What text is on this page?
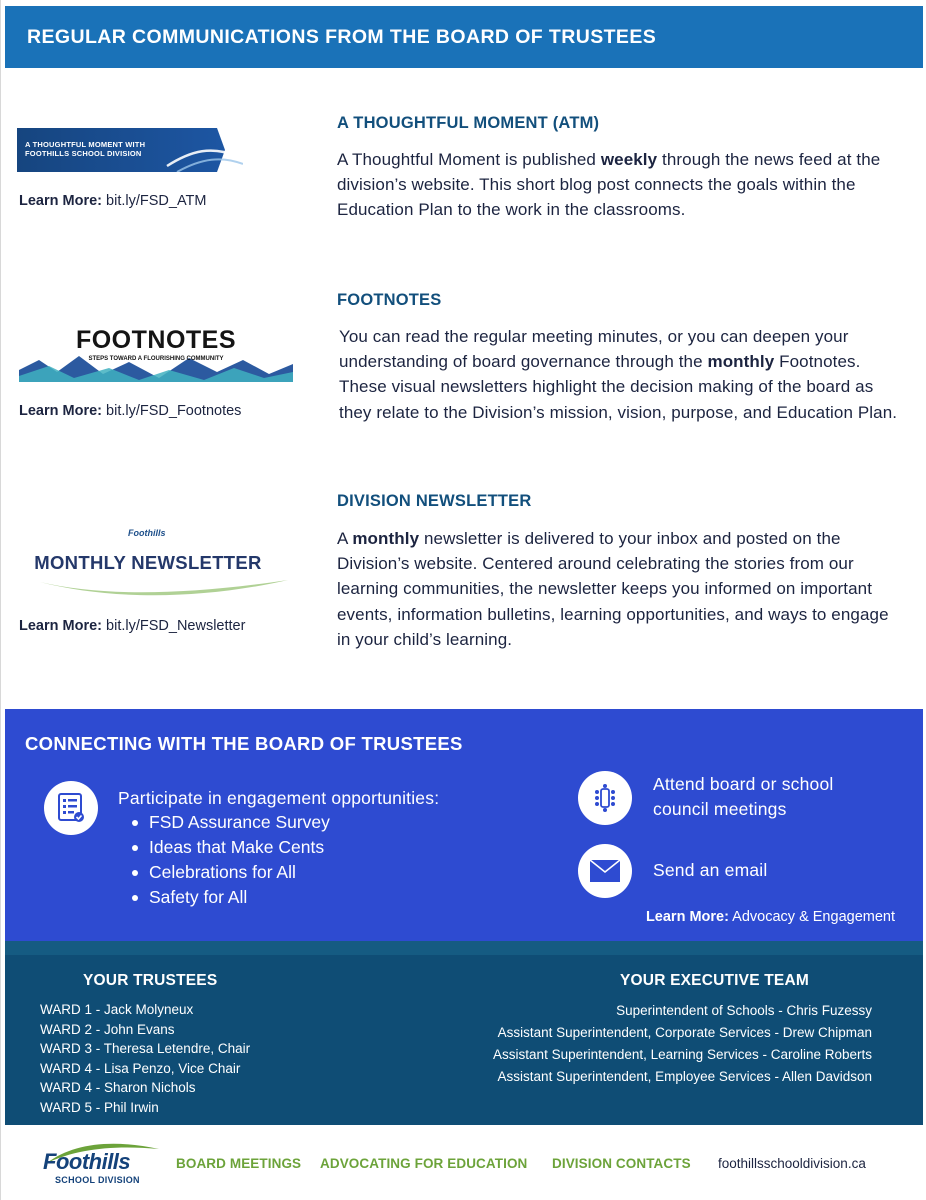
REGULAR COMMUNICATIONS FROM THE BOARD OF TRUSTEES
A THOUGHTFUL MOMENT WITH
FOOTHILLS SCHOOL DIVISION
Learn More: bit.ly/FSD_ATM
A THOUGHTFUL MOMENT (ATM)
A Thoughtful Moment is published weekly through the news feed at the division’s website. This short blog post connects the goals within the Education Plan to the work in the classrooms.
FOOTNOTES
STEPS TOWARD A FLOURISHING COMMUNITY
Learn More: bit.ly/FSD_Footnotes
FOOTNOTES
You can read the regular meeting minutes, or you can deepen your understanding of board governance through the monthly Footnotes. These visual newsletters highlight the decision making of the board as they relate to the Division’s mission, vision, purpose, and Education Plan.
Foothills
MONTHLY NEWSLETTER
Learn More: bit.ly/FSD_Newsletter
DIVISION NEWSLETTER
A monthly newsletter is delivered to your inbox and posted on the Division’s website. Centered around celebrating the stories from our learning communities, the newsletter keeps you informed on important events, information bulletins, learning opportunities, and ways to engage in your child’s learning.
CONNECTING WITH THE BOARD OF TRUSTEES
Participate in engagement opportunities:
FSD Assurance Survey
Ideas that Make Cents
Celebrations for All
Safety for All
Attend board or school council meetings
Send an email
Learn More: Advocacy & Engagement
YOUR TRUSTEES
WARD 1 - Jack Molyneux
WARD 2 - John Evans
WARD 3 - Theresa Letendre, Chair
WARD 4 - Lisa Penzo, Vice Chair
WARD 4 - Sharon Nichols
WARD 5 - Phil Irwin
YOUR EXECUTIVE TEAM
Superintendent of Schools - Chris Fuzessy
Assistant Superintendent, Corporate Services - Drew Chipman
Assistant Superintendent, Learning Services - Caroline Roberts
Assistant Superintendent, Employee Services - Allen Davidson
Foothills
SCHOOL DIVISION
BOARD MEETINGS ADVOCATING FOR EDUCATION DIVISION CONTACTS foothillsschooldivision.ca
